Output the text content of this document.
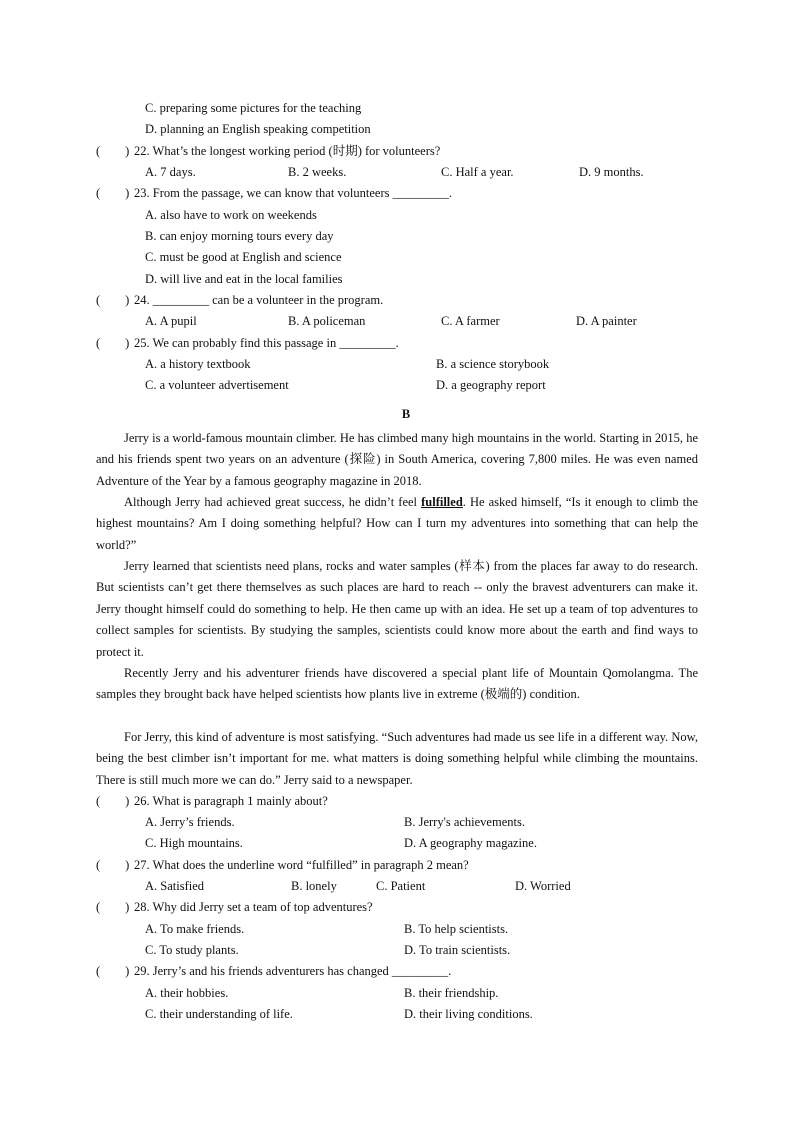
C. preparing some pictures for the teaching
D. planning an English speaking competition
(        ) 22. What’s the longest working period (时期) for volunteers?
A. 7 days.	B. 2 weeks.	C. Half a year.	D. 9 months.
(        ) 23. From the passage, we can know that volunteers _________.
A. also have to work on weekends
B. can enjoy morning tours every day
C. must be good at English and science
D. will live and eat in the local families
(        ) 24. _________ can be a volunteer in the program.
A. A pupil	B. A policeman	C. A farmer	D. A painter
(        ) 25. We can probably find this passage in _________.
A. a history textbook	B. a science storybook
C. a volunteer advertisement	D. a geography report
B
Jerry is a world-famous mountain climber. He has climbed many high mountains in the world. Starting in 2015, he and his friends spent two years on an adventure (探险) in South America, covering 7,800 miles. He was even named Adventure of the Year by a famous geography magazine in 2018.
Although Jerry had achieved great success, he didn’t feel fulfilled. He asked himself, “Is it enough to climb the highest mountains? Am I doing something helpful? How can I turn my adventures into something that can help the world?”
Jerry learned that scientists need plans, rocks and water samples (样本) from the places far away to do research. But scientists can’t get there themselves as such places are hard to reach -- only the bravest adventurers can make it. Jerry thought himself could do something to help. He then came up with an idea. He set up a team of top adventures to collect samples for scientists. By studying the samples, scientists could know more about the earth and find ways to protect it.
Recently Jerry and his adventurer friends have discovered a special plant life of Mountain Qomolangma. The samples they brought back have helped scientists how plants live in extreme (极端的) condition.
For Jerry, this kind of adventure is most satisfying. “Such adventures had made us see life in a different way. Now, being the best climber isn’t important for me. what matters is doing something helpful while climbing the mountains. There is still much more we can do.” Jerry said to a newspaper.
(        ) 26. What is paragraph 1 mainly about?
A. Jerry’s friends.	B. Jerry's achievements.
C. High mountains.	D. A geography magazine.
(        ) 27. What does the underline word “fulfilled” in paragraph 2 mean?
A. Satisfied	B. lonely	C. Patient	D. Worried
(        ) 28. Why did Jerry set a team of top adventures?
A. To make friends.	B. To help scientists.
C. To study plants.	D. To train scientists.
(        ) 29. Jerry’s and his friends adventurers has changed _________.
A. their hobbies.	B. their friendship.
C. their understanding of life.	D. their living conditions.
